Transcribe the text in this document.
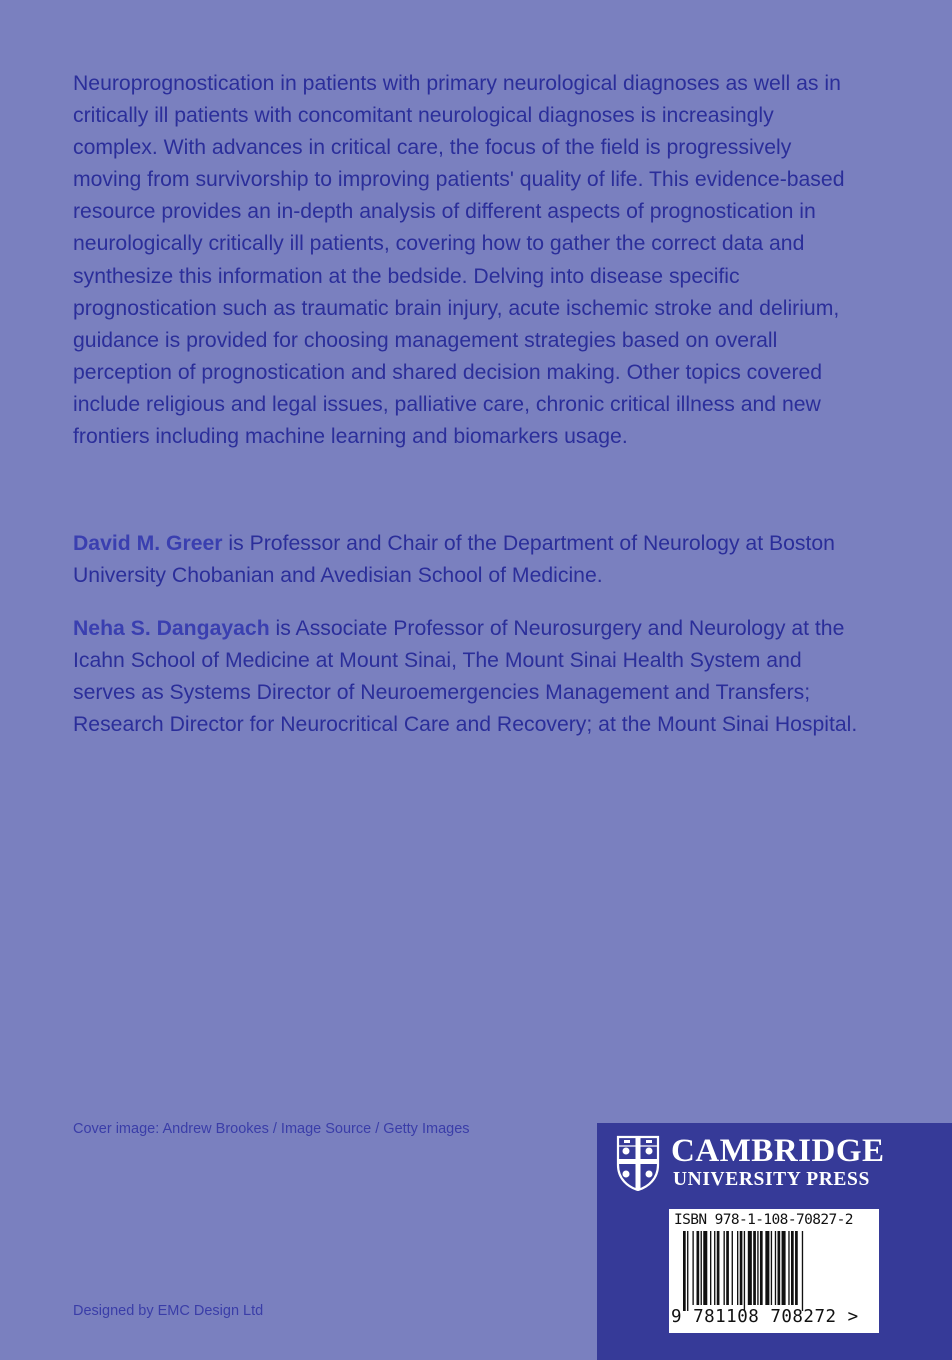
Neuroprognostication in patients with primary neurological diagnoses as well as in critically ill patients with concomitant neurological diagnoses is increasingly complex. With advances in critical care, the focus of the field is progressively moving from survivorship to improving patients' quality of life. This evidence-based resource provides an in-depth analysis of different aspects of prognostication in neurologically critically ill patients, covering how to gather the correct data and synthesize this information at the bedside. Delving into disease specific prognostication such as traumatic brain injury, acute ischemic stroke and delirium, guidance is provided for choosing management strategies based on overall perception of prognostication and shared decision making. Other topics covered include religious and legal issues, palliative care, chronic critical illness and new frontiers including machine learning and biomarkers usage.

David M. Greer is Professor and Chair of the Department of Neurology at Boston University Chobanian and Avedisian School of Medicine.

Neha S. Dangayach is Associate Professor of Neurosurgery and Neurology at the Icahn School of Medicine at Mount Sinai, The Mount Sinai Health System and serves as Systems Director of Neuroemergencies Management and Transfers; Research Director for Neurocritical Care and Recovery; at the Mount Sinai Hospital.

Cover image: Andrew Brookes / Image Source / Getty Images

Designed by EMC Design Ltd

CAMBRIDGE
UNIVERSITY PRESS
ISBN 978-1-108-70827-2
9 781108 708272 >
